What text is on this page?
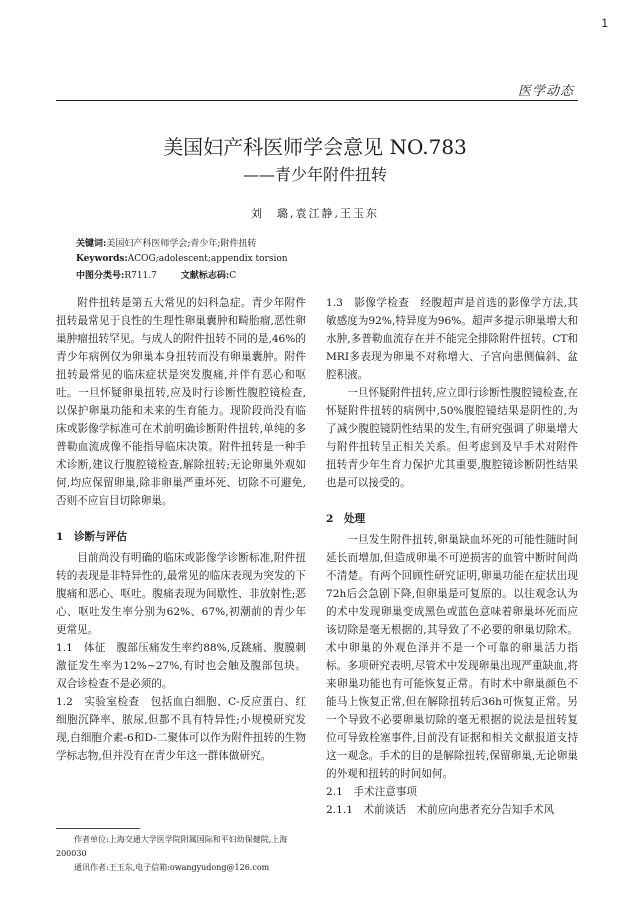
1
医学动态
美国妇产科医师学会意见 NO.783
——青少年附件扭转
刘　璐,袁江静,王玉东
关键词:美国妇产科医师学会;青少年;附件扭转
Keywords:ACOG;adolescent;appendix torsion
中图分类号:R711.7	文献标志码:C

附件扭转是第五大常见的妇科急症。青少年附件扭转最常见于良性的生理性卵巢囊肿和畸胎瘤,恶性卵巢肿瘤扭转罕见。与成人的附件扭转不同的是,46%的青少年病例仅为卵巢本身扭转而没有卵巢囊肿。附件扭转最常见的临床症状是突发腹痛,并伴有恶心和呕吐。一旦怀疑卵巢扭转,应及时行诊断性腹腔镜检查,以保护卵巢功能和未来的生育能力。现阶段尚没有临床或影像学标准可在术前明确诊断附件扭转,单纯的多普勒血流成像不能指导临床决策。附件扭转是一种手术诊断,建议行腹腔镜检查,解除扭转;无论卵巢外观如何,均应保留卵巢,除非卵巢严重坏死、切除不可避免,否则不应盲目切除卵巢。

1　诊断与评估

目前尚没有明确的临床或影像学诊断标准,附件扭转的表现是非特异性的,最常见的临床表现为突发的下腹痛和恶心、呕吐。腹痛表现为间歇性、非放射性;恶心、呕吐发生率分别为62%、67%,初潮前的青少年更常见。

1.1　体征　 腹部压痛发生率约88%,反跳痛、腹膜刺激征发生率为12%~27%,有时也会触及腹部包块。双合诊检查不是必须的。

1.2　实验室检查　 包括血白细胞、C-反应蛋白、红细胞沉降率、脓尿,但都不具有特异性;小规模研究发现,白细胞介素-6和D-二聚体可以作为附件扭转的生物学标志物,但并没有在青少年这一群体做研究。

1.3　影像学检查　 经腹超声是首选的影像学方法,其敏感度为92%,特异度为96%。超声多提示卵巢增大和水肿,多普勒血流存在并不能完全排除附件扭转。CT和MRI多表现为卵巢不对称增大、子宫向患侧偏斜、盆腔积液。

一旦怀疑附件扭转,应立即行诊断性腹腔镜检查,在怀疑附件扭转的病例中,50%腹腔镜结果是阴性的,为了减少腹腔镜阴性结果的发生,有研究强调了卵巢增大与附件扭转呈正相关关系。但考虑到及早手术对附件扭转青少年生育力保护尤其重要,腹腔镜诊断阴性结果也是可以接受的。

2　处理

一旦发生附件扭转,卵巢缺血坏死的可能性随时间延长而增加,但造成卵巢不可逆损害的血管中断时间尚不清楚。有两个回顾性研究证明,卵巢功能在症状出现72h后会急剧下降,但卵巢是可复原的。以往观念认为的术中发现卵巢变成黑色或蓝色意味着卵巢坏死而应该切除是毫无根据的,其导致了不必要的卵巢切除术。术中卵巢的外观色泽并不是一个可靠的卵巢活力指标。多项研究表明,尽管术中发现卵巢出现严重缺血,将来卵巢功能也有可能恢复正常。有时术中卵巢颜色不能马上恢复正常,但在解除扭转后36h可恢复正常。另一个导致不必要卵巢切除的毫无根据的说法是扭转复位可导致栓塞事件,目前没有证据和相关文献报道支持这一观念。手术的目的是解除扭转,保留卵巢,无论卵巢的外观和扭转的时间如何。

2.1　手术注意事项

2.1.1　术前谈话　 术前应向患者充分告知手术风

作者单位:上海交通大学医学院附属国际和平妇幼保健院,上海 200030
通讯作者:王玉东,电子信箱:owangyudong@126.com
